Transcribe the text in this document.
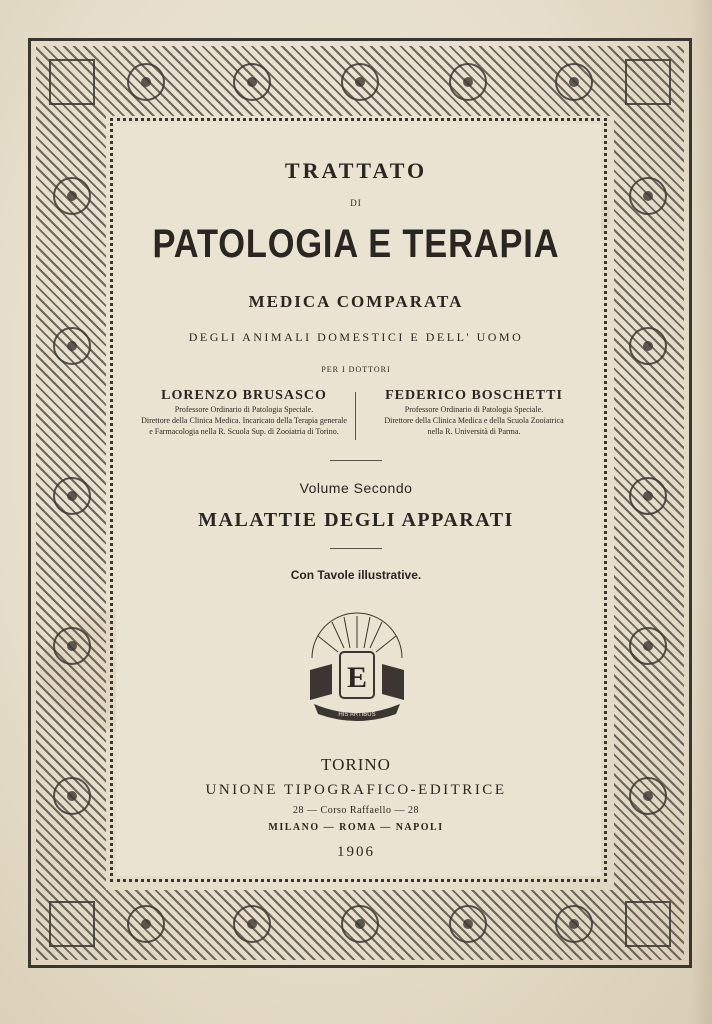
TRATTATO
DI
PATOLOGIA E TERAPIA
MEDICA COMPARATA
DEGLI ANIMALI DOMESTICI E DELL' UOMO
PER I DOTTORI
LORENZO BRUSASCO
Professore Ordinario di Patologia Speciale.
Direttore della Clinica Medica. Incaricato della Terapia generale
e Farmacologia nella R. Scuola Sup. di Zooiatria di Torino.
FEDERICO BOSCHETTI
Professore Ordinario di Patologia Speciale.
Direttore della Clinica Medica e della Scuola Zooiatrica
nella R. Università di Parma.
Volume Secondo
MALATTIE DEGLI APPARATI
Con Tavole illustrative.
E
HIS ARTIBUS
TORINO
UNIONE TIPOGRAFICO-EDITRICE
28 — Corso Raffaello — 28
MILANO — ROMA — NAPOLI
1906
